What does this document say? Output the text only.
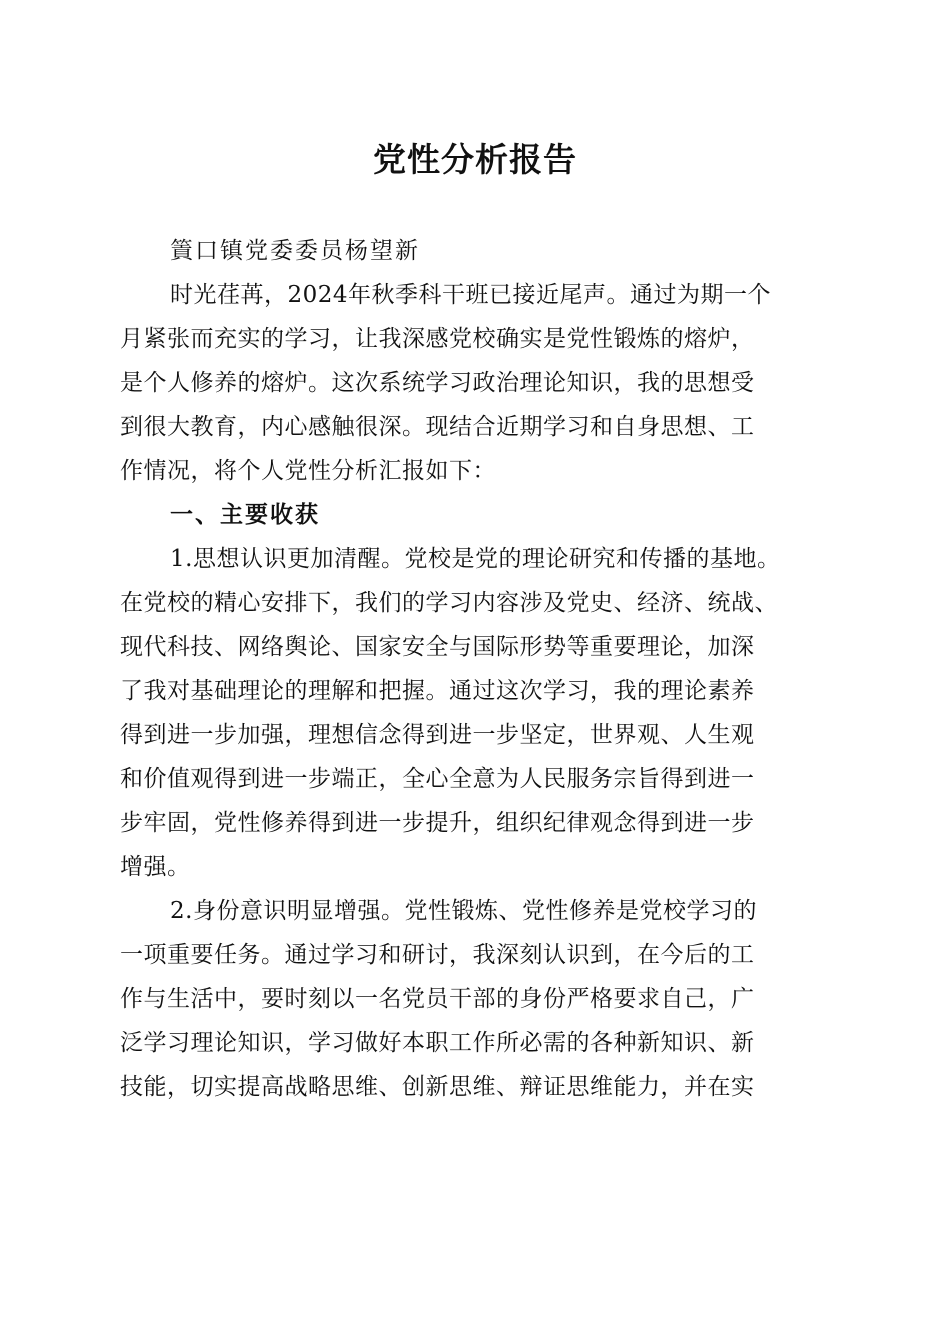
党性分析报告
篢口镇党委委员杨望新
时光荏苒，2024年秋季科干班已接近尾声。通过为期一个
月紧张而充实的学习，让我深感党校确实是党性锻炼的熔炉，
是个人修养的熔炉。这次系统学习政治理论知识，我的思想受
到很大教育，内心感触很深。现结合近期学习和自身思想、工
作情况，将个人党性分析汇报如下：
一、主要收获
1.思想认识更加清醒。党校是党的理论研究和传播的基地。
在党校的精心安排下，我们的学习内容涉及党史、经济、统战、
现代科技、网络舆论、国家安全与国际形势等重要理论，加深
了我对基础理论的理解和把握。通过这次学习，我的理论素养
得到进一步加强，理想信念得到进一步坚定，世界观、人生观
和价值观得到进一步端正，全心全意为人民服务宗旨得到进一
步牢固，党性修养得到进一步提升，组织纪律观念得到进一步
增强。
2.身份意识明显增强。党性锻炼、党性修养是党校学习的
一项重要任务。通过学习和研讨，我深刻认识到，在今后的工
作与生活中，要时刻以一名党员干部的身份严格要求自己，广
泛学习理论知识，学习做好本职工作所必需的各种新知识、新
技能，切实提高战略思维、创新思维、辩证思维能力，并在实
